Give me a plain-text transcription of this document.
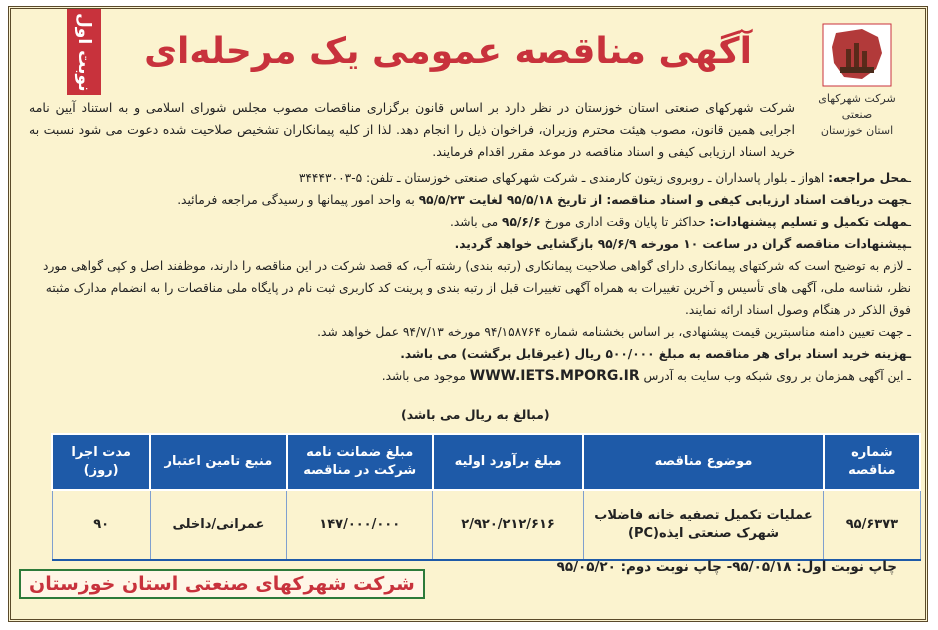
نوبت اول
شرکت شهرکهای صنعتی
استان خوزستان
آگهی مناقصه عمومی یک مرحله‌ای
شرکت شهرکهای صنعتی استان خوزستان در نظر دارد بر اساس قانون برگزاری مناقصات مصوب مجلس شورای اسلامی و به استناد آیین نامه اجرایی همین قانون، مصوب هیئت محترم وزیران، فراخوان ذیل را انجام دهد. لذا از کلیه پیمانکاران تشخیص صلاحیت شده دعوت می شود نسبت به خرید اسناد ارزیابی کیفی و اسناد مناقصه در موعد مقرر اقدام فرمایند.

ـمحل مراجعه: اهواز ـ بلوار پاسداران ـ روبروی زیتون کارمندی ـ شرکت شهرکهای صنعتی خوزستان ـ تلفن: ۵-۳۴۴۴۳۰۰۳

ـجهت دریافت اسناد ارزیابی کیفی و اسناد مناقصه: از تاریخ ۹۵/۵/۱۸ لغایت ۹۵/۵/۲۳ به واحد امور پیمانها و رسیدگی مراجعه فرمائید.

ـمهلت تکمیل و تسلیم پیشنهادات: حداکثر تا پایان وقت اداری مورخ ۹۵/۶/۶ می باشد.

ـپیشنهادات مناقصه گران در ساعت ۱۰ مورخه ۹۵/۶/۹ بازگشایی خواهد گردید.

ـ لازم به توضیح است که شرکتهای پیمانکاری دارای گواهی صلاحیت پیمانکاری (رتبه بندی) رشته آب، که قصد شرکت در این مناقصه را دارند، موظفند اصل و کپی گواهی مورد نظر، شناسه ملی، آگهی های تأسیس و آخرین تغییرات به همراه آگهی تغییرات قبل از رتبه بندی و پرینت کد کاربری ثبت نام در پایگاه ملی مناقصات را به انضمام مدارک مثبته فوق الذکر در هنگام وصول اسناد ارائه نمایند.

ـ جهت تعیین دامنه مناسبترین قیمت پیشنهادی، بر اساس بخشنامه شماره ۹۴/۱۵۸۷۶۴ مورخه ۹۴/۷/۱۳ عمل خواهد شد.

ـهزینه خرید اسناد برای هر مناقصه به مبلغ ۵۰۰/۰۰۰ ریال (غیرقابل برگشت) می باشد.

ـ این آگهی همزمان بر روی شبکه وب سایت به آدرس WWW.IETS.MPORG.IR موجود می باشد.

(مبالغ به ریال می باشد)
شماره مناقصه	موضوع مناقصه	مبلغ برآورد اولیه	مبلغ ضمانت نامه شرکت در مناقصه	منبع تامین اعتبار	مدت اجرا (روز)
۹۵/۶۳۷۳	عملیات تکمیل تصفیه خانه فاضلاب شهرک صنعتی ایذه(PC)	۲/۹۲۰/۲۱۲/۶۱۶	۱۴۷/۰۰۰/۰۰۰	عمرانی/داخلی	۹۰
چاپ نوبت اول: ۹۵/۰۵/۱۸- چاپ نوبت دوم: ۹۵/۰۵/۲۰
شرکت شهرکهای صنعتی استان خوزستان
